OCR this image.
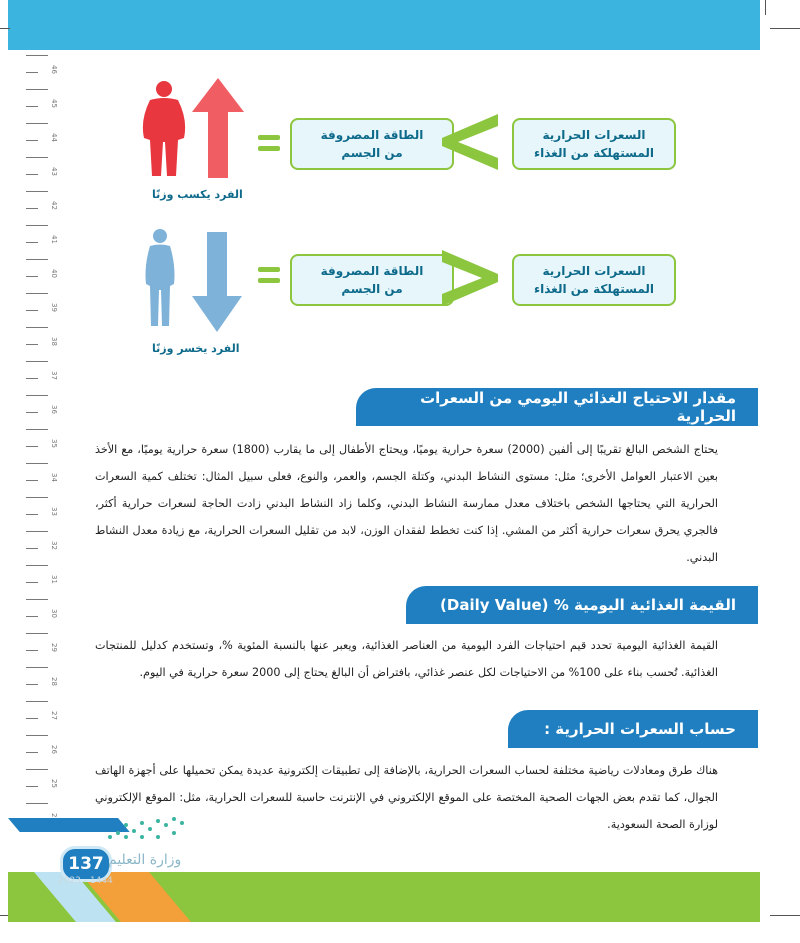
46
45
44
43
42
41
40
39
38
37
36
35
34
33
32
31
30
29
28
27
26
25
الفرد يكسب وزنًا
الطاقة المصروفة
من الجسم
السعرات الحرارية
المستهلكة من الغذاء
الفرد يخسر وزنًا
الطاقة المصروفة
من الجسم
السعرات الحرارية
المستهلكة من الغذاء
مقدار الاحتياج الغذائي اليومي من السعرات الحرارية
يحتاج الشخص البالغ تقريبًا إلى ألفين (2000) سعرة حرارية يوميًا، ويحتاج الأطفال إلى ما يقارب (1800) سعرة حرارية يوميًا، مع الأخذ بعين الاعتبار العوامل الأخرى؛ مثل: مستوى النشاط البدني، وكتلة الجسم، والعمر، والنوع، فعلى سبيل المثال: تختلف كمية السعرات الحرارية التي يحتاجها الشخص باختلاف معدل ممارسة النشاط البدني، وكلما زاد النشاط البدني زادت الحاجة لسعرات حرارية أكثر، فالجري يحرق سعرات حرارية أكثر من المشي. إذا كنت تخطط لفقدان الوزن، لابد من تقليل السعرات الحرارية، مع زيادة معدل النشاط البدني.
القيمة الغذائية اليومية % (Daily Value)
القيمة الغذائية اليومية تحدد قيم احتياجات الفرد اليومية من العناصر الغذائية، ويعبر عنها بالنسبة المئوية %، وتستخدم كدليل للمنتجات الغذائية. تُحسب بناء على 100% من الاحتياجات لكل عنصر غذائي، بافتراض أن البالغ يحتاج إلى 2000 سعرة حرارية في اليوم.
حساب السعرات الحرارية :
هناك طرق ومعادلات رياضية مختلفة لحساب السعرات الحرارية، بالإضافة إلى تطبيقات إلكترونية عديدة يمكن تحميلها على أجهزة الهاتف الجوال، كما تقدم بعض الجهات الصحية المختصة على الموقع الإلكتروني في الإنترنت حاسبة للسعرات الحرارية، مثل: الموقع الإلكتروني لوزارة الصحة السعودية.
137 وزارة التعليم
2023 - 1444
